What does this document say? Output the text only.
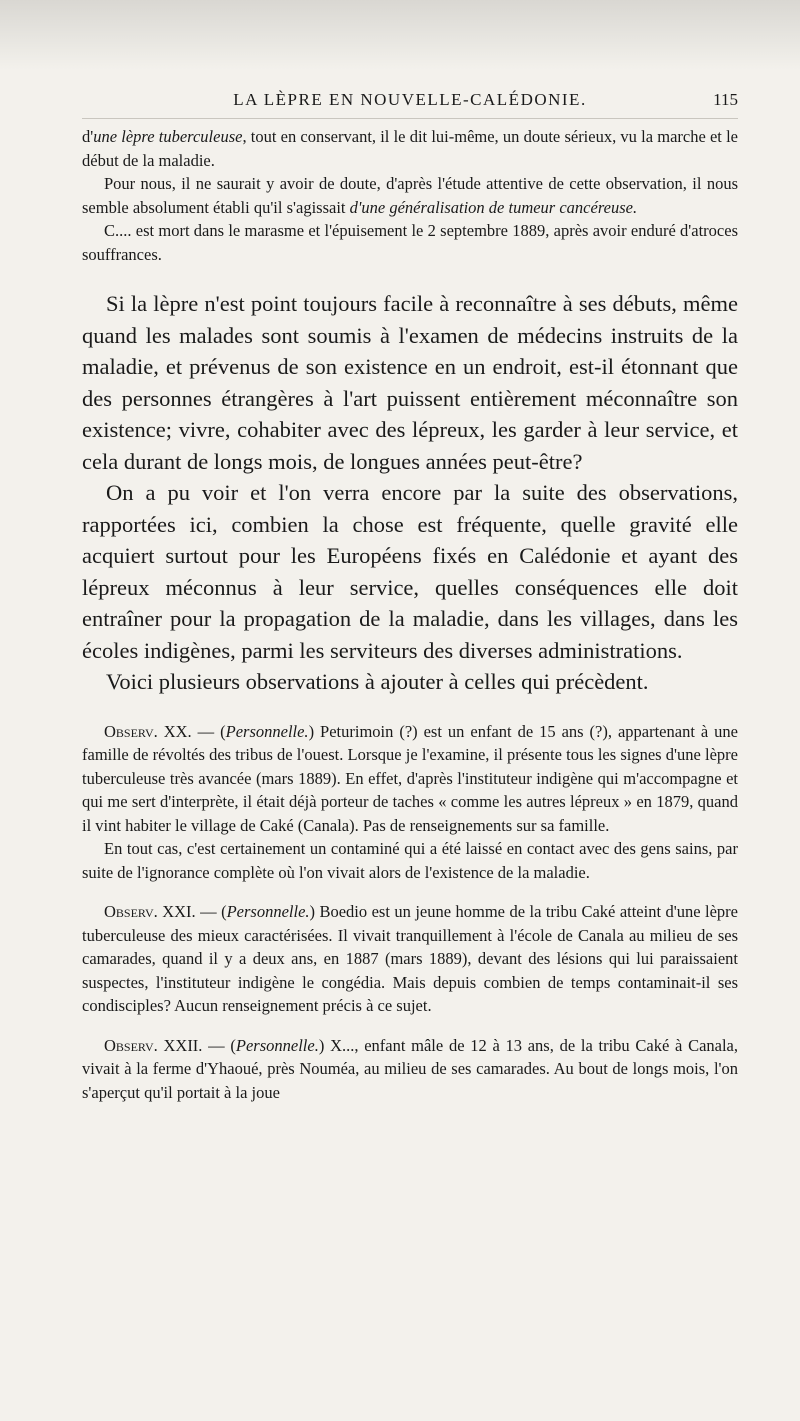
LA LÈPRE EN NOUVELLE-CALÉDONIE.	115

d'une lèpre tuberculeuse, tout en conservant, il le dit lui-même, un doute sérieux, vu la marche et le début de la maladie.

Pour nous, il ne saurait y avoir de doute, d'après l'étude attentive de cette observation, il nous semble absolument établi qu'il s'agissait d'une généralisation de tumeur cancéreuse.

C.... est mort dans le marasme et l'épuisement le 2 septembre 1889, après avoir enduré d'atroces souffrances.

Si la lèpre n'est point toujours facile à reconnaître à ses débuts, même quand les malades sont soumis à l'examen de médecins instruits de la maladie, et prévenus de son existence en un endroit, est-il étonnant que des personnes étrangères à l'art puissent entièrement méconnaître son existence; vivre, cohabiter avec des lépreux, les garder à leur service, et cela durant de longs mois, de longues années peut-être?

On a pu voir et l'on verra encore par la suite des observations, rapportées ici, combien la chose est fréquente, quelle gravité elle acquiert surtout pour les Européens fixés en Calédonie et ayant des lépreux méconnus à leur service, quelles conséquences elle doit entraîner pour la propagation de la maladie, dans les villages, dans les écoles indigènes, parmi les serviteurs des diverses administrations.

Voici plusieurs observations à ajouter à celles qui précèdent.

Observ. XX. — (Personnelle.) Peturimoin (?) est un enfant de 15 ans (?), appartenant à une famille de révoltés des tribus de l'ouest. Lorsque je l'examine, il présente tous les signes d'une lèpre tuberculeuse très avancée (mars 1889). En effet, d'après l'instituteur indigène qui m'accompagne et qui me sert d'interprète, il était déjà porteur de taches « comme les autres lépreux » en 1879, quand il vint habiter le village de Caké (Canala). Pas de renseignements sur sa famille.

En tout cas, c'est certainement un contaminé qui a été laissé en contact avec des gens sains, par suite de l'ignorance complète où l'on vivait alors de l'existence de la maladie.

Observ. XXI. — (Personnelle.) Boedio est un jeune homme de la tribu Caké atteint d'une lèpre tuberculeuse des mieux caractérisées. Il vivait tranquillement à l'école de Canala au milieu de ses camarades, quand il y a deux ans, en 1887 (mars 1889), devant des lésions qui lui paraissaient suspectes, l'instituteur indigène le congédia. Mais depuis combien de temps contaminait-il ses condisciples? Aucun renseignement précis à ce sujet.

Observ. XXII. — (Personnelle.) X..., enfant mâle de 12 à 13 ans, de la tribu Caké à Canala, vivait à la ferme d'Yhaoué, près Nouméa, au milieu de ses camarades. Au bout de longs mois, l'on s'aperçut qu'il portait à la joue
